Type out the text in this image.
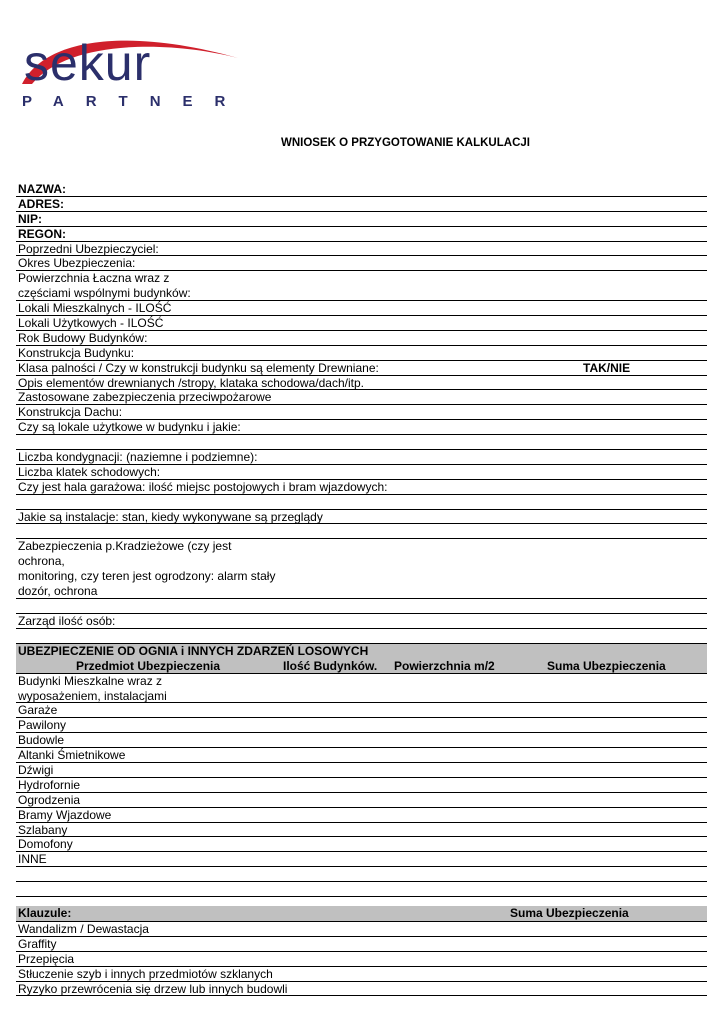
sekur
PARTNER
WNIOSEK O PRZYGOTOWANIE KALKULACJI
NAZWA:
ADRES:
NIP:
REGON:
Poprzedni Ubezpieczyciel:
Okres Ubezpieczenia:
Powierzchnia Łaczna wraz z
częściami wspólnymi budynków:
Lokali Mieszkalnych - ILOŚĆ
Lokali Użytkowych - ILOŚĆ
Rok Budowy Budynków:
Konstrukcja Budynku:
Klasa palności / Czy w konstrukcji budynku są elementy Drewniane:	TAK/NIE
Opis elementów drewnianych /stropy, klataka schodowa/dach/itp.
Zastosowane zabezpieczenia przeciwpożarowe
Konstrukcja Dachu:
Czy są lokale użytkowe w budynku i jakie:
Liczba kondygnacji: (naziemne i podziemne):
Liczba klatek schodowych:
Czy jest hala garażowa: ilość miejsc postojowych i bram wjazdowych:
Jakie są instalacje: stan, kiedy wykonywane są przeglądy
Zabezpieczenia p.Kradzieżowe (czy jest
ochrona,
monitoring, czy teren jest ogrodzony: alarm stały
dozór, ochrona
Zarząd ilość osób:
UBEZPIECZENIE OD OGNIA i INNYCH ZDARZEŃ LOSOWYCH
Przedmiot Ubezpieczenia	Ilość Budynków. Powierzchnia m/2	Suma Ubezpieczenia
Budynki Mieszkalne wraz z
wyposażeniem, instalacjami
Garaże
Pawilony
Budowle
Altanki Śmietnikowe
Dźwigi
Hydrofornie
Ogrodzenia
Bramy Wjazdowe
Szlabany
Domofony
INNE
Klauzule:	Suma Ubezpieczenia
Wandalizm / Dewastacja
Graffity
Przepięcia
Stłuczenie szyb i innych przedmiotów szklanych
Ryzyko przewrócenia się drzew lub innych budowli
